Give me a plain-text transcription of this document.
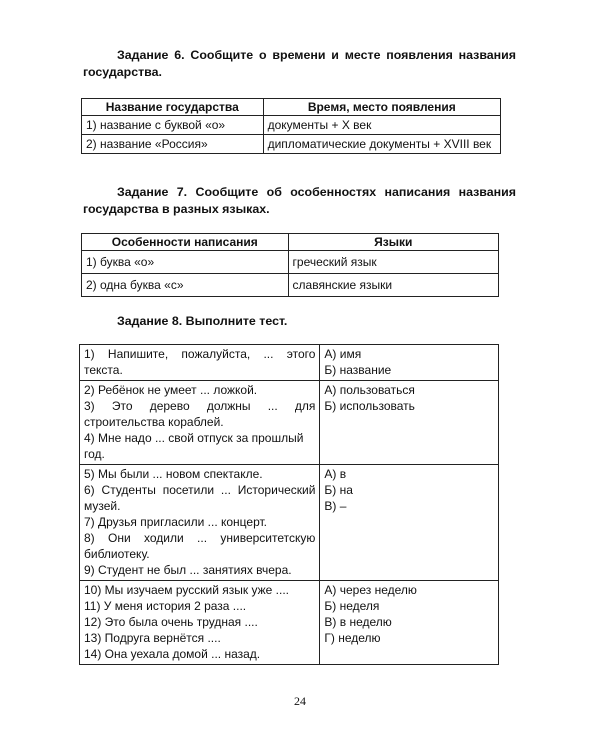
Задание 6. Сообщите о времени и месте появления названия государства.

Название государства	Время, место появления
1) название с буквой «о»	документы + Х век
2) название «Россия»	дипломатические документы + XVIII век

Задание 7. Сообщите об особенностях написания названия государства в разных языках.

Особенности написания	Языки
1) буква «о»	греческий язык
2) одна буква «с»	славянские языки

Задание 8. Выполните тест.

1) Напишите, пожалуйста, ... этого текста.	А) имя
Б) название

2) Ребёнок не умеет ... ложкой.
3) Это дерево должны ... для строительства кораблей.
4) Мне надо ... свой отпуск за прошлый год.	А) пользоваться
Б) использовать

5) Мы были ... новом спектакле.
6) Студенты посетили ... Исторический музей.
7) Друзья пригласили ... концерт.
8) Они ходили ... университетскую библиотеку.
9) Студент не был ... занятиях вчера.	А) в
Б) на
В) –

10) Мы изучаем русский язык уже ....
11) У меня история 2 раза ....
12) Это была очень трудная ....
13) Подруга вернётся ....
14) Она уехала домой ... назад.	А) через неделю
Б) неделя
В) в неделю
Г) неделю
24
